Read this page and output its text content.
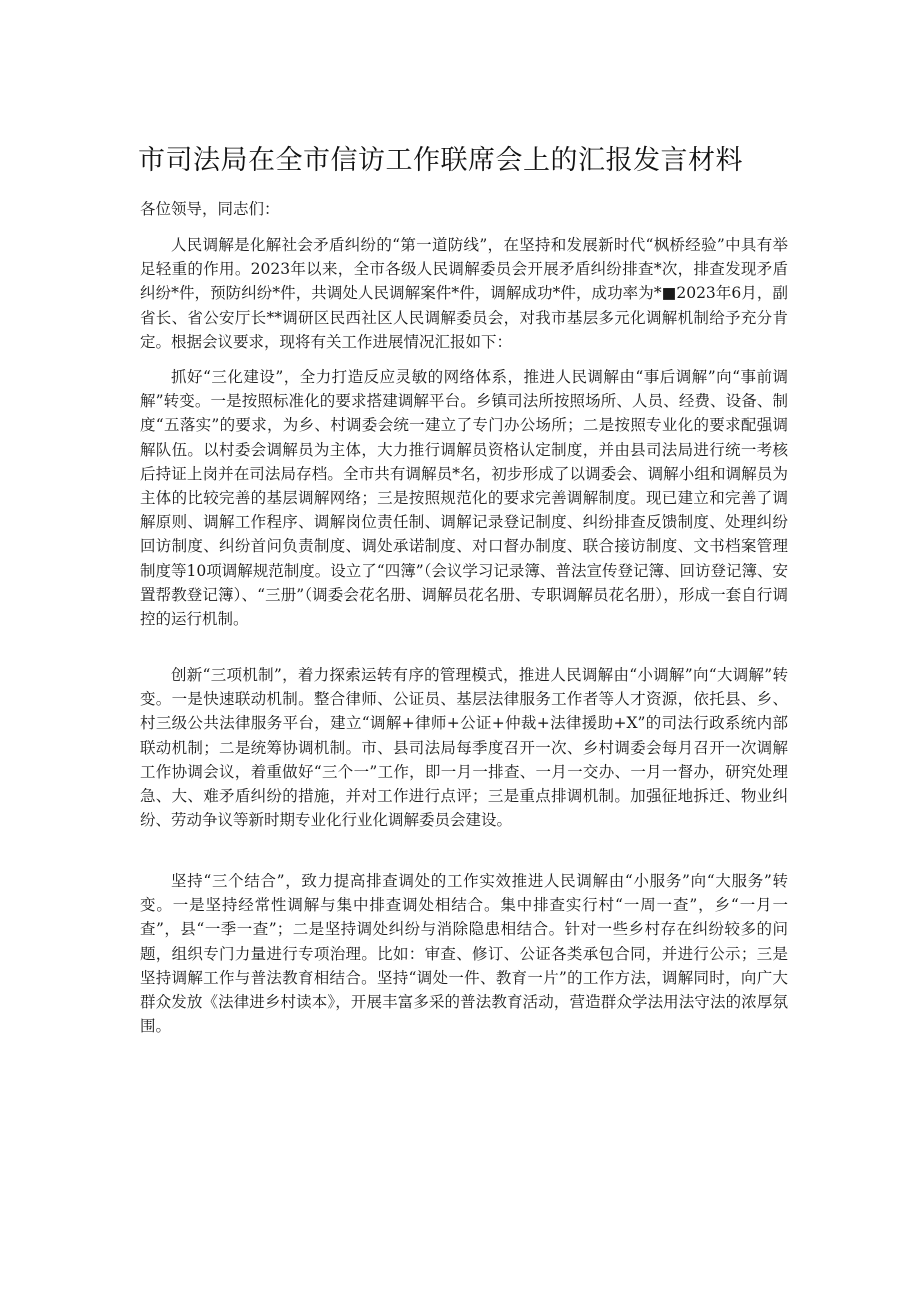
市司法局在全市信访工作联席会上的汇报发言材料

各位领导，同志们：

人民调解是化解社会矛盾纠纷的“第一道防线”，在坚持和发展新时代“枫桥经验”中具有举足轻重的作用。2023年以来，全市各级人民调解委员会开展矛盾纠纷排查*次，排查发现矛盾纠纷*件，预防纠纷*件，共调处人民调解案件*件，调解成功*件，成功率为*■2023年6月，副省长、省公安厅长**调研区民西社区人民调解委员会，对我市基层多元化调解机制给予充分肯定。根据会议要求，现将有关工作进展情况汇报如下：

抓好“三化建设”，全力打造反应灵敏的网络体系，推进人民调解由“事后调解”向“事前调解”转变。一是按照标准化的要求搭建调解平台。乡镇司法所按照场所、人员、经费、设备、制度“五落实”的要求，为乡、村调委会统一建立了专门办公场所；二是按照专业化的要求配强调解队伍。以村委会调解员为主体，大力推行调解员资格认定制度，并由县司法局进行统一考核后持证上岗并在司法局存档。全市共有调解员*名，初步形成了以调委会、调解小组和调解员为主体的比较完善的基层调解网络；三是按照规范化的要求完善调解制度。现已建立和完善了调解原则、调解工作程序、调解岗位责任制、调解记录登记制度、纠纷排查反馈制度、处理纠纷回访制度、纠纷首问负责制度、调处承诺制度、对口督办制度、联合接访制度、文书档案管理制度等10项调解规范制度。设立了“四簿”（会议学习记录簿、普法宣传登记簿、回访登记簿、安置帮教登记簿）、“三册”（调委会花名册、调解员花名册、专职调解员花名册），形成一套自行调控的运行机制。

创新“三项机制”，着力探索运转有序的管理模式，推进人民调解由“小调解”向“大调解”转变。一是快速联动机制。整合律师、公证员、基层法律服务工作者等人才资源，依托县、乡、村三级公共法律服务平台，建立“调解+律师+公证+仲裁+法律援助+X”的司法行政系统内部联动机制；二是统筹协调机制。市、县司法局每季度召开一次、乡村调委会每月召开一次调解工作协调会议，着重做好“三个一”工作，即一月一排查、一月一交办、一月一督办，研究处理急、大、难矛盾纠纷的措施，并对工作进行点评；三是重点排调机制。加强征地拆迁、物业纠纷、劳动争议等新时期专业化行业化调解委员会建设。

坚持“三个结合”，致力提高排查调处的工作实效推进人民调解由“小服务”向“大服务”转变。一是坚持经常性调解与集中排查调处相结合。集中排查实行村“一周一查”，乡“一月一查”，县“一季一查”；二是坚持调处纠纷与消除隐患相结合。针对一些乡村存在纠纷较多的问题，组织专门力量进行专项治理。比如：审查、修订、公证各类承包合同，并进行公示；三是坚持调解工作与普法教育相结合。坚持“调处一件、教育一片”的工作方法，调解同时，向广大群众发放《法律进乡村读本》，开展丰富多采的普法教育活动，营造群众学法用法守法的浓厚氛围。
